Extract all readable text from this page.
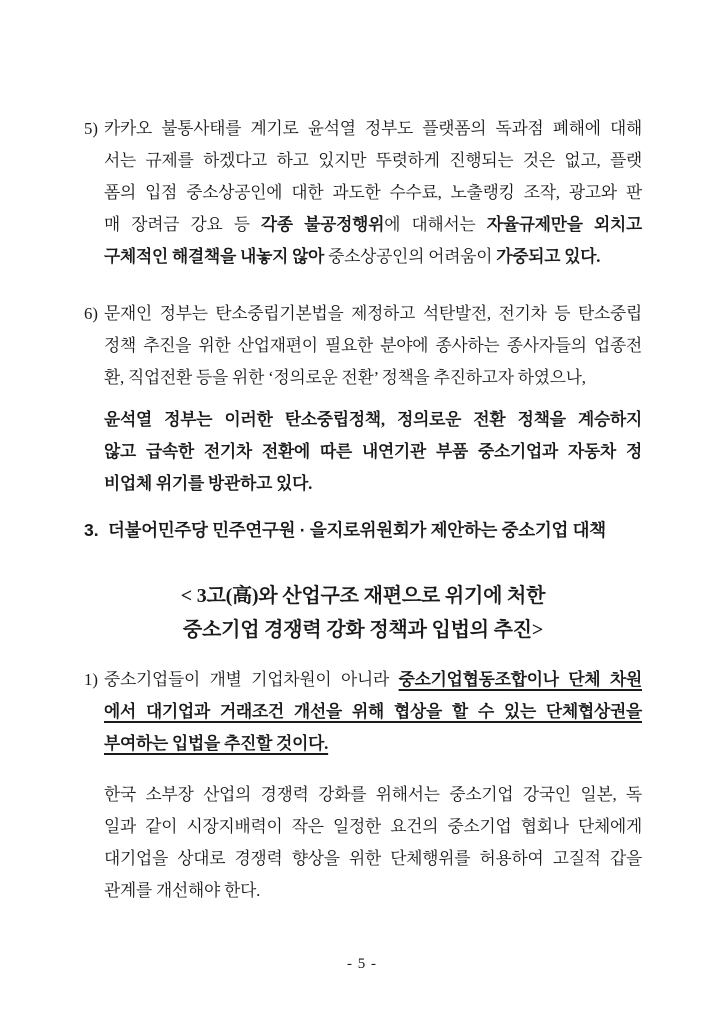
5) 카카오 불통사태를 계기로 윤석열 정부도 플랫폼의 독과점 폐해에 대해
서는 규제를 하겠다고 하고 있지만 뚜렷하게 진행되는 것은 없고, 플랫
폼의 입점 중소상공인에 대한 과도한 수수료, 노출랭킹 조작, 광고와 판
매 장려금 강요 등 각종 불공정행위에 대해서는 자율규제만을 외치고
구체적인 해결책을 내놓지 않아 중소상공인의 어려움이 가중되고 있다.
6) 문재인 정부는 탄소중립기본법을 제정하고 석탄발전, 전기차 등 탄소중립
정책 추진을 위한 산업재편이 필요한 분야에 종사하는 종사자들의 업종전
환, 직업전환 등을 위한 ‘정의로운 전환’ 정책을 추진하고자 하였으나,
윤석열 정부는 이러한 탄소중립정책, 정의로운 전환 정책을 계승하지
않고 급속한 전기차 전환에 따른 내연기관 부품 중소기업과 자동차 정
비업체 위기를 방관하고 있다.
3. 더불어민주당 민주연구원 · 을지로위원회가 제안하는 중소기업 대책
< 3고(高)와 산업구조 재편으로 위기에 처한
중소기업 경쟁력 강화 정책과 입법의 추진>
1) 중소기업들이 개별 기업차원이 아니라 중소기업협동조합이나 단체 차원
에서 대기업과 거래조건 개선을 위해 협상을 할 수 있는 단체협상권을
부여하는 입법을 추진할 것이다.
한국 소부장 산업의 경쟁력 강화를 위해서는 중소기업 강국인 일본, 독
일과 같이 시장지배력이 작은 일정한 요건의 중소기업 협회나 단체에게
대기업을 상대로 경쟁력 향상을 위한 단체행위를 허용하여 고질적 갑을
관계를 개선해야 한다.
- 5 -
